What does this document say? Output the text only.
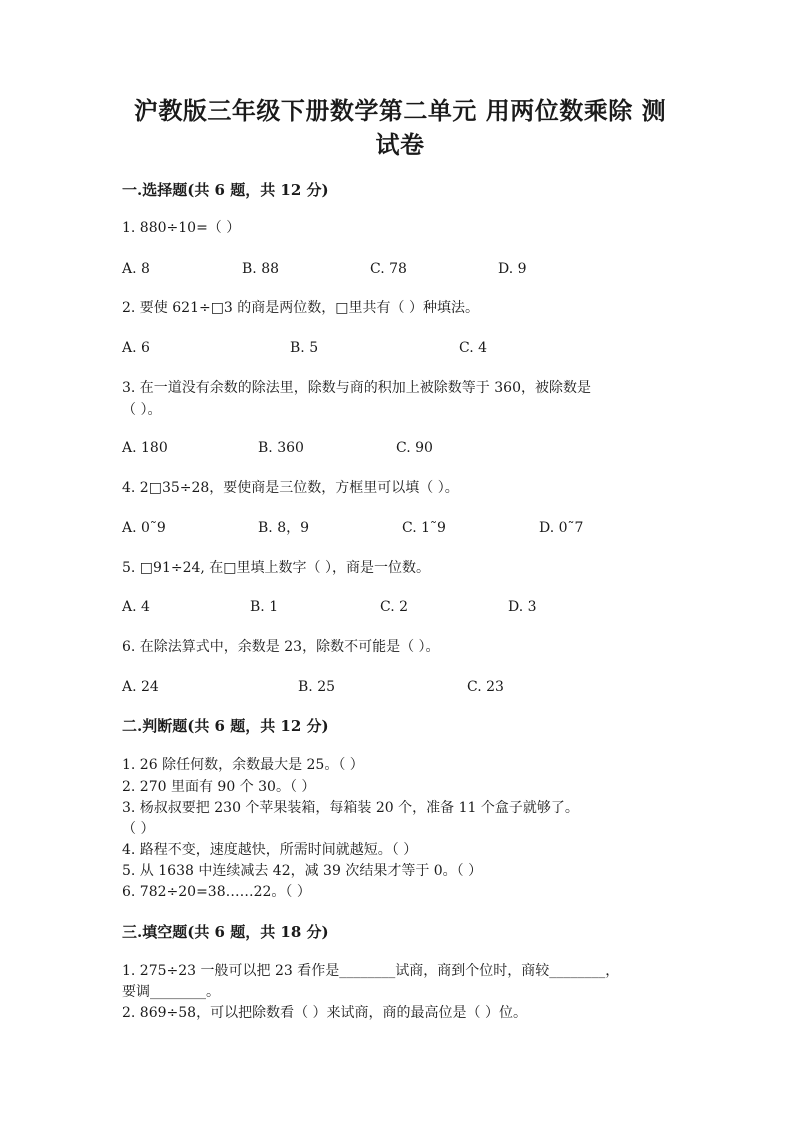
沪教版三年级下册数学第二单元 用两位数乘除 测
试卷
一.选择题(共 6 题，共 12 分)
1. 880÷10=（ ）
A. 8	B. 88	C. 78	D. 9
2. 要使 621÷□3 的商是两位数，□里共有（ ）种填法。
A. 6	B. 5	C. 4
3. 在一道没有余数的除法里，除数与商的积加上被除数等于 360，被除数是
（ ）。
A. 180	B. 360	C. 90
4. 2□35÷28，要使商是三位数，方框里可以填（ ）。
A. 0˜9	B. 8，9	C. 1˜9	D. 0˜7
5. □91÷24, 在□里填上数字（ ），商是一位数。
A. 4	B. 1	C. 2	D. 3
6. 在除法算式中，余数是 23，除数不可能是（ ）。
A. 24	B. 25	C. 23
二.判断题(共 6 题，共 12 分)
1. 26 除任何数，余数最大是 25。（ ）
2. 270 里面有 90 个 30。（ ）
3. 杨叔叔要把 230 个苹果装箱，每箱装 20 个，准备 11 个盒子就够了。
（ ）
4. 路程不变，速度越快，所需时间就越短。（ ）
5. 从 1638 中连续减去 42，减 39 次结果才等于 0。（ ）
6. 782÷20=38……22。（ ）
三.填空题(共 6 题，共 18 分)
1. 275÷23 一般可以把 23 看作是________试商，商到个位时，商较________，
要调________。
2. 869÷58，可以把除数看（ ）来试商，商的最高位是（ ）位。
